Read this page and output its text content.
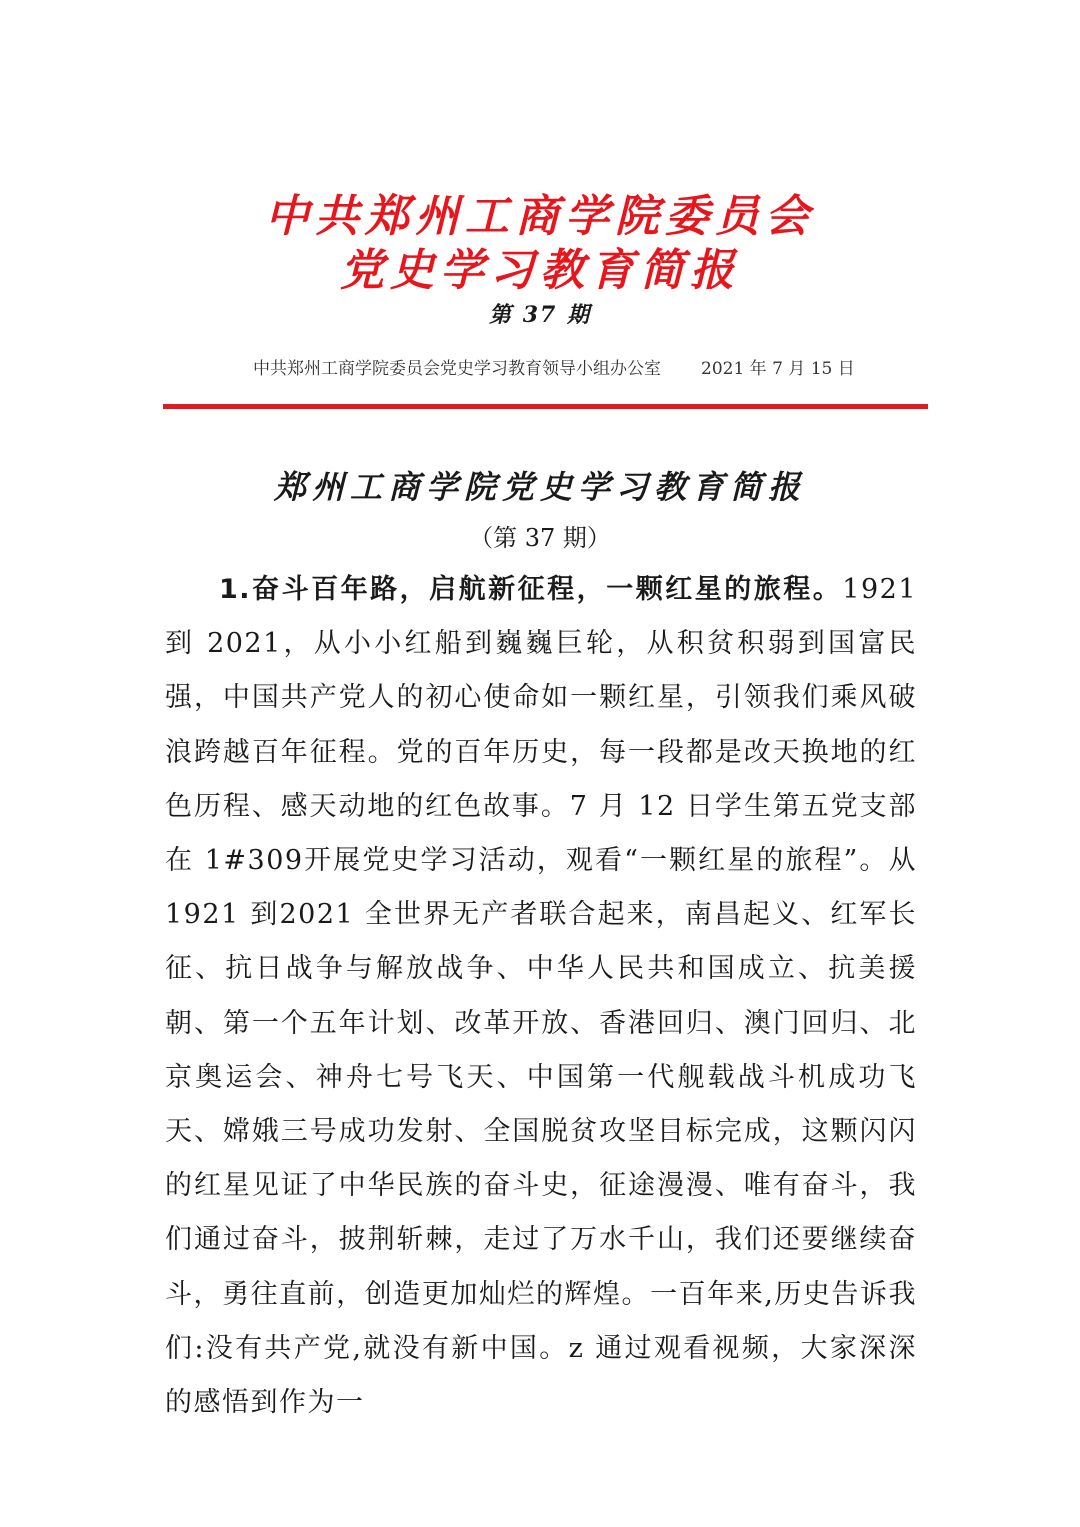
中共郑州工商学院委员会
党史学习教育简报
第 37 期
中共郑州工商学院委员会党史学习教育领导小组办公室 2021 年 7 月 15 日
郑州工商学院党史学习教育简报
（第 37 期）

1.奋斗百年路，启航新征程，一颗红星的旅程。1921到 2021，从小小红船到巍巍巨轮，从积贫积弱到国富民强，中国共产党人的初心使命如一颗红星，引领我们乘风破浪跨越百年征程。党的百年历史，每一段都是改天换地的红色历程、感天动地的红色故事。7 月 12 日学生第五党支部在 1#309开展党史学习活动，观看“一颗红星的旅程”。从 1921 到2021 全世界无产者联合起来，南昌起义、红军长征、抗日战争与解放战争、中华人民共和国成立、抗美援朝、第一个五年计划、改革开放、香港回归、澳门回归、北京奥运会、神舟七号飞天、中国第一代舰载战斗机成功飞天、嫦娥三号成功发射、全国脱贫攻坚目标完成，这颗闪闪的红星见证了中华民族的奋斗史，征途漫漫、唯有奋斗，我们通过奋斗，披荆斩棘，走过了万水千山，我们还要继续奋斗，勇往直前，创造更加灿烂的辉煌。一百年来,历史告诉我们:没有共产党,就没有新中国。z 通过观看视频，大家深深的感悟到作为一
